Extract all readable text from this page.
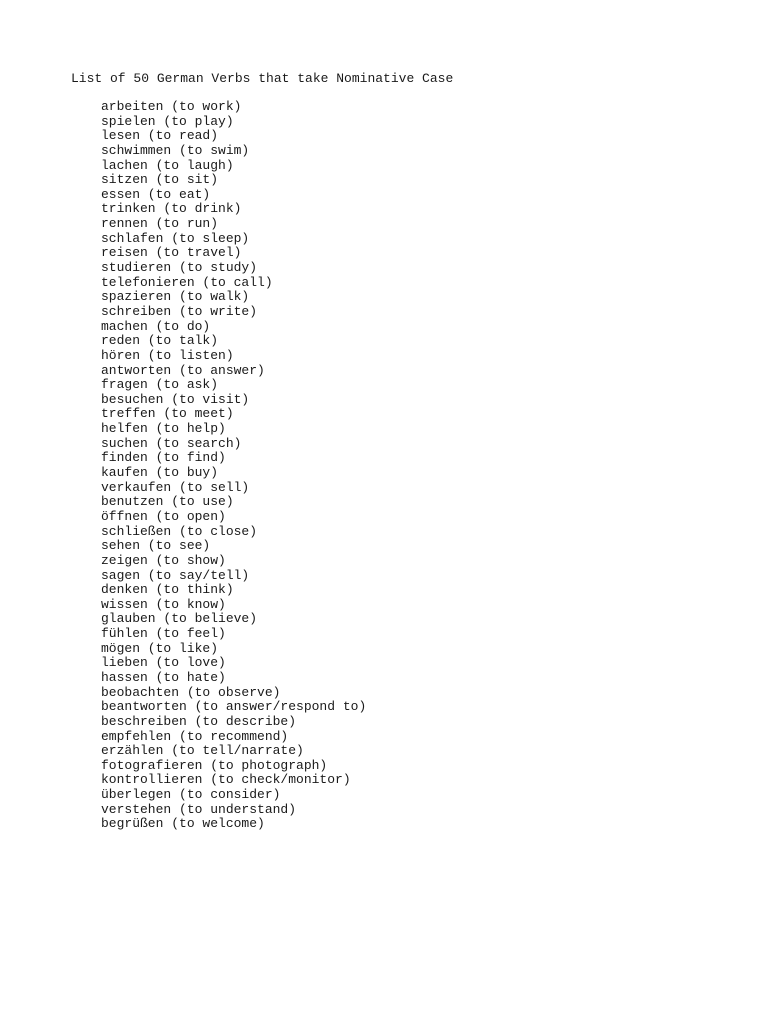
List of 50 German Verbs that take Nominative Case
arbeiten (to work)
spielen (to play)
lesen (to read)
schwimmen (to swim)
lachen (to laugh)
sitzen (to sit)
essen (to eat)
trinken (to drink)
rennen (to run)
schlafen (to sleep)
reisen (to travel)
studieren (to study)
telefonieren (to call)
spazieren (to walk)
schreiben (to write)
machen (to do)
reden (to talk)
hören (to listen)
antworten (to answer)
fragen (to ask)
besuchen (to visit)
treffen (to meet)
helfen (to help)
suchen (to search)
finden (to find)
kaufen (to buy)
verkaufen (to sell)
benutzen (to use)
öffnen (to open)
schließen (to close)
sehen (to see)
zeigen (to show)
sagen (to say/tell)
denken (to think)
wissen (to know)
glauben (to believe)
fühlen (to feel)
mögen (to like)
lieben (to love)
hassen (to hate)
beobachten (to observe)
beantworten (to answer/respond to)
beschreiben (to describe)
empfehlen (to recommend)
erzählen (to tell/narrate)
fotografieren (to photograph)
kontrollieren (to check/monitor)
überlegen (to consider)
verstehen (to understand)
begrüßen (to welcome)
